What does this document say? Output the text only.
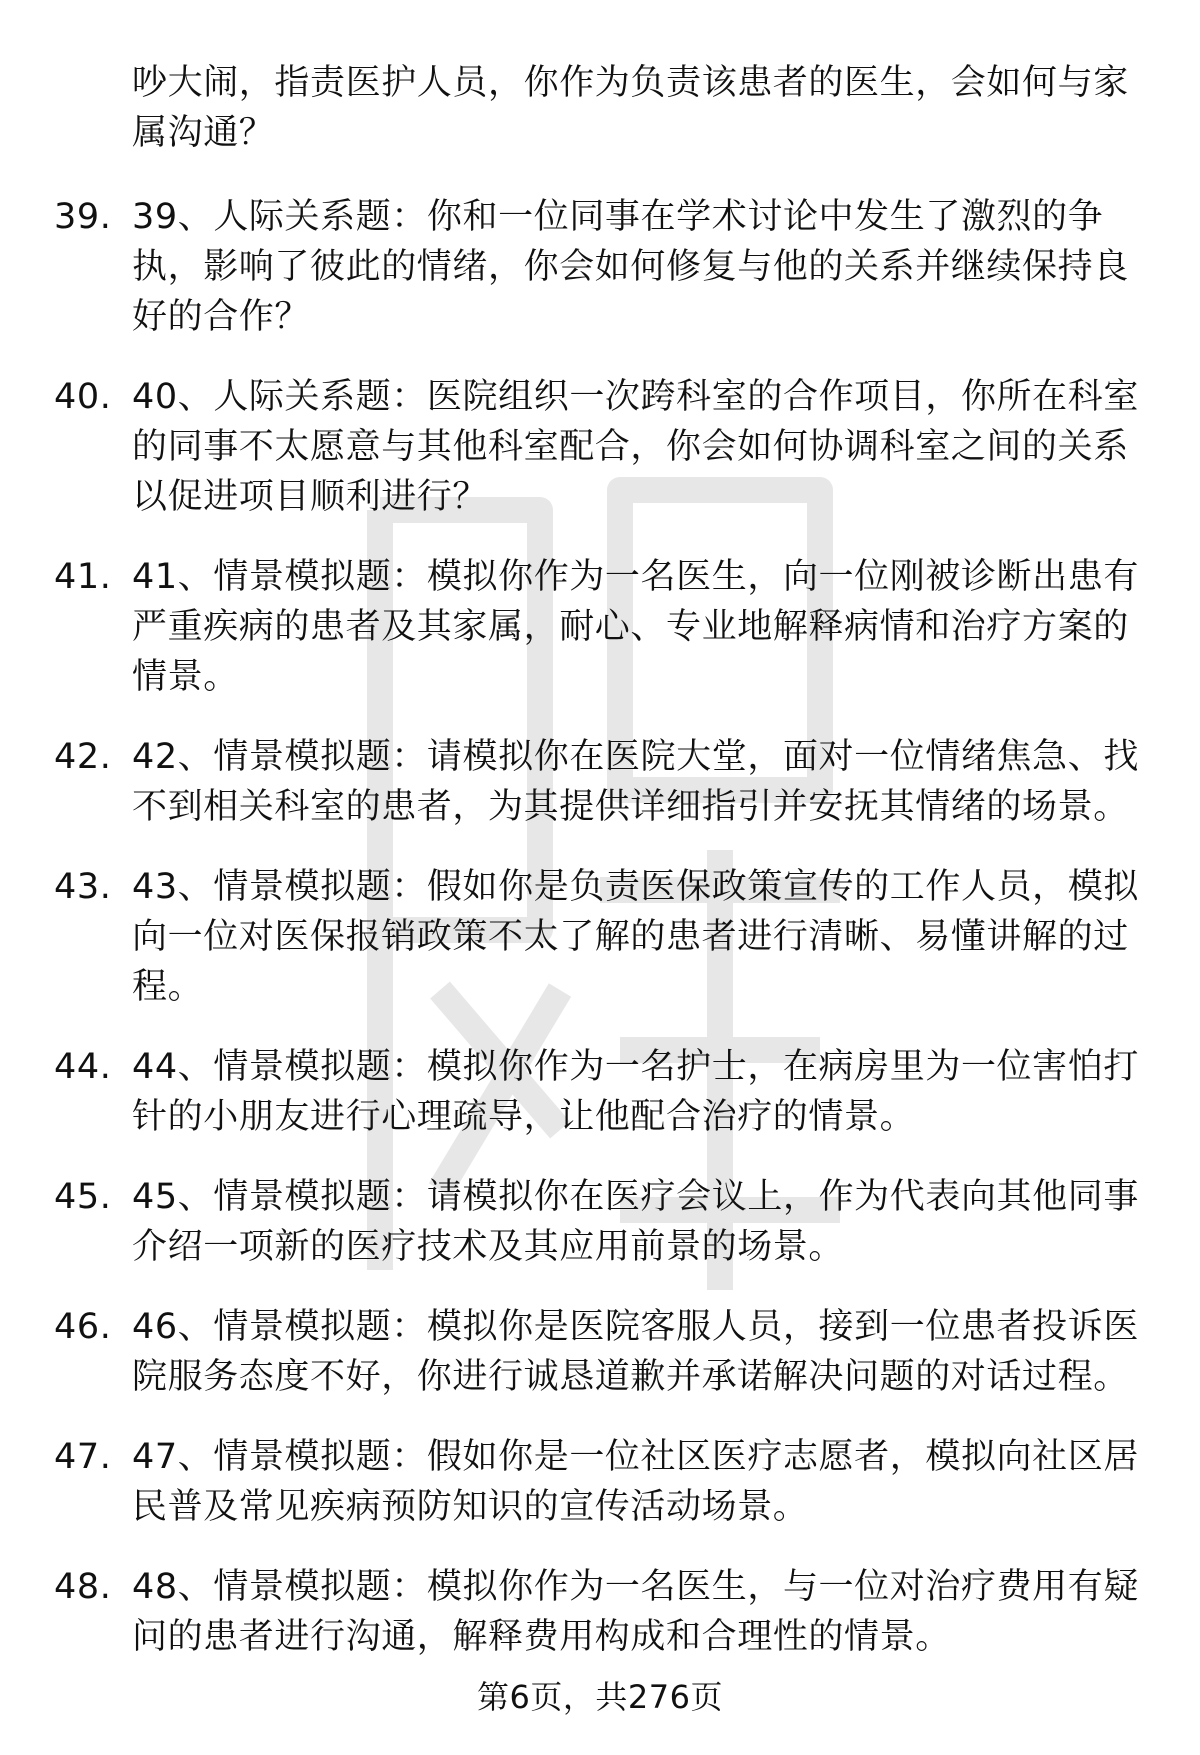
吵大闹，指责医护人员，你作为负责该患者的医生，会如何与家属沟通？
39. 39、人际关系题：你和一位同事在学术讨论中发生了激烈的争执，影响了彼此的情绪，你会如何修复与他的关系并继续保持良好的合作？
40. 40、人际关系题：医院组织一次跨科室的合作项目，你所在科室的同事不太愿意与其他科室配合，你会如何协调科室之间的关系以促进项目顺利进行？
41. 41、情景模拟题：模拟你作为一名医生，向一位刚被诊断出患有严重疾病的患者及其家属，耐心、专业地解释病情和治疗方案的情景。
42. 42、情景模拟题：请模拟你在医院大堂，面对一位情绪焦急、找不到相关科室的患者，为其提供详细指引并安抚其情绪的场景。
43. 43、情景模拟题：假如你是负责医保政策宣传的工作人员，模拟向一位对医保报销政策不太了解的患者进行清晰、易懂讲解的过程。
44. 44、情景模拟题：模拟你作为一名护士，在病房里为一位害怕打针的小朋友进行心理疏导，让他配合治疗的情景。
45. 45、情景模拟题：请模拟你在医疗会议上，作为代表向其他同事介绍一项新的医疗技术及其应用前景的场景。
46. 46、情景模拟题：模拟你是医院客服人员，接到一位患者投诉医院服务态度不好，你进行诚恳道歉并承诺解决问题的对话过程。
47. 47、情景模拟题：假如你是一位社区医疗志愿者，模拟向社区居民普及常见疾病预防知识的宣传活动场景。
48. 48、情景模拟题：模拟你作为一名医生，与一位对治疗费用有疑问的患者进行沟通，解释费用构成和合理性的情景。
第6页，共276页
